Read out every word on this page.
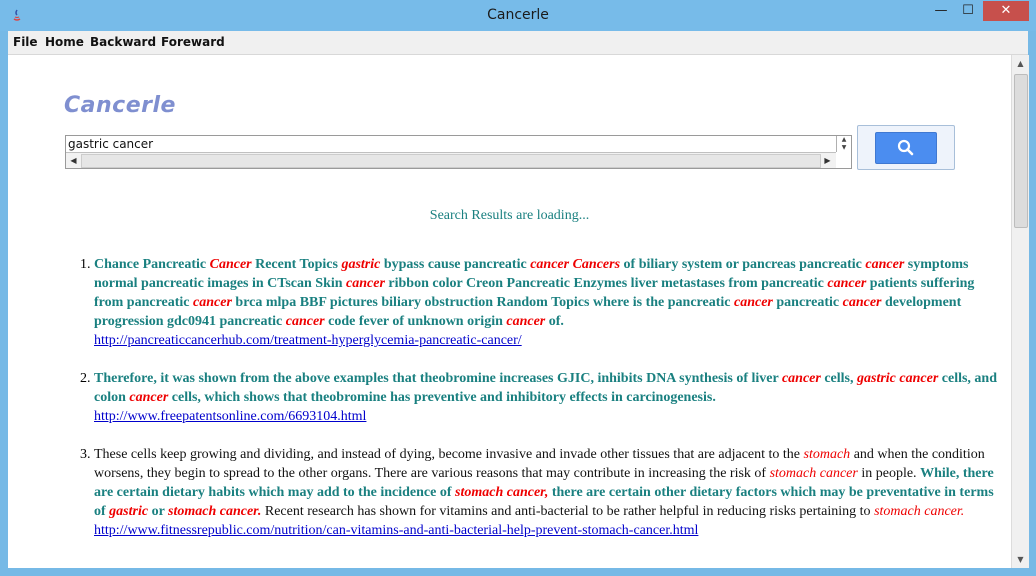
Cancerle	—	☐	✕
File Home Backward Foreward
Cancerle
gastric cancer
▲
▼
◀	▶
Search Results are loading...
1. Chance Pancreatic Cancer Recent Topics gastric bypass cause pancreatic cancer Cancers of biliary system or pancreas pancreatic cancer symptoms normal pancreatic images in CTscan Skin cancer ribbon color Creon Pancreatic Enzymes liver metastases from pancreatic cancer patients suffering from pancreatic cancer brca mlpa BBF pictures biliary obstruction Random Topics where is the pancreatic cancer pancreatic cancer development progression gdc0941 pancreatic cancer code fever of unknown origin cancer of.
http://pancreaticcancerhub.com/treatment-hyperglycemia-pancreatic-cancer/
2. Therefore, it was shown from the above examples that theobromine increases GJIC, inhibits DNA synthesis of liver cancer cells, gastric cancer cells, and colon cancer cells, which shows that theobromine has preventive and inhibitory effects in carcinogenesis.
http://www.freepatentsonline.com/6693104.html
3. These cells keep growing and dividing, and instead of dying, become invasive and invade other tissues that are adjacent to the stomach and when the condition worsens, they begin to spread to the other organs. There are various reasons that may contribute in increasing the risk of stomach cancer in people. While, there are certain dietary habits which may add to the incidence of stomach cancer, there are certain other dietary factors which may be preventative in terms of gastric or stomach cancer. Recent research has shown for vitamins and anti-bacterial to be rather helpful in reducing risks pertaining to stomach cancer.
http://www.fitnessrepublic.com/nutrition/can-vitamins-and-anti-bacterial-help-prevent-stomach-cancer.html
▲
▼
